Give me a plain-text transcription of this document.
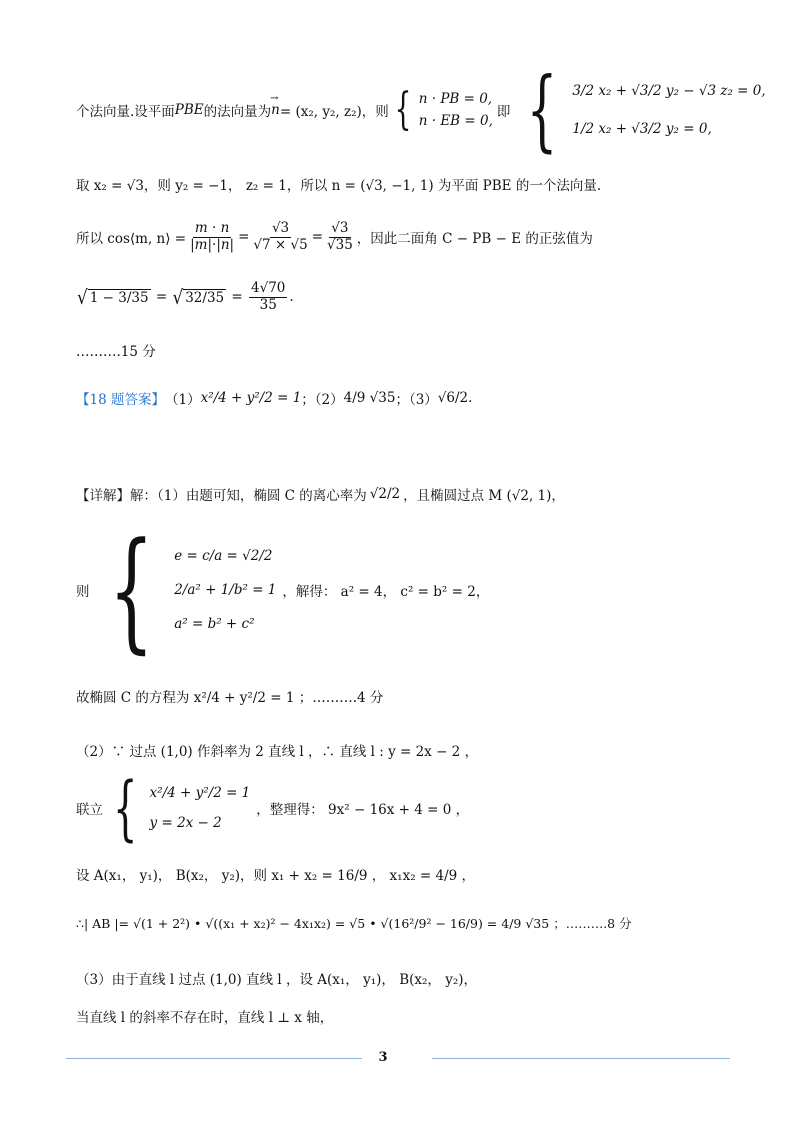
个法向量.设平面 PBE 的法向量为
→ n = (x₂, y₂, z₂)，则 { n · PB = 0,
n · EB = 0,
即 { 3/2 x₂ + √3/2 y₂ − √3 z₂ = 0,
1/2 x₂ + √3/2 y₂ = 0,
取 x₂ = √3，则 y₂ = −1， z₂ = 1，所以 n = (√3, −1, 1) 为平面 PBE 的一个法向量.
所以 cos⟨m, n⟩ = $\frac{m \cdot n}{|m|\cdot|n|} = \frac{√3}{√7 \times √5} = \frac{√3}{√35}$ ，因此二面角 C − PB − E 的正弦值为
√ 1 − 3/35 = √ $32/35 = \frac{4√70}{35}$ .
……….15 分
【18 题答案】 （1） x²/4 + y²/2 = 1 ；（2） 4/9 √35 ；（3） √6/2 .
【详解】解：（1）由题可知，椭圆 C 的离心率为 √2/2 ，且椭圆过点 M (√2, 1)，
则 { e = c/a = √2/2
2/a² + 1/b² = 1
a² = b² + c²
，解得： a² = 4， c² = b² = 2，
故椭圆 C 的方程为 x²/4 + y²/2 = 1 ；……….4 分
（2）∵ 过点 (1,0) 作斜率为 2 直线 l ，∴ 直线 l : y = 2x − 2 ，
联立 { x²/4 + y²/2 = 1
y = 2x − 2
，整理得： 9x² − 16x + 4 = 0 ，
设 A(x₁， y₁)， B(x₂， y₂)，则 x₁ + x₂ = 16/9 ， x₁x₂ = 4/9 ，
∴| AB |= √(1 + 2²) • √((x₁ + x₂)² − 4x₁x₂) = √5 • √(16²/9² − 16/9) = 4/9 √35 ；……….8 分
（3）由于直线 l 过点 (1,0) 直线 l ，设 A(x₁， y₁)， B(x₂， y₂)，
当直线 l 的斜率不存在时，直线 l ⊥ x 轴，
3
